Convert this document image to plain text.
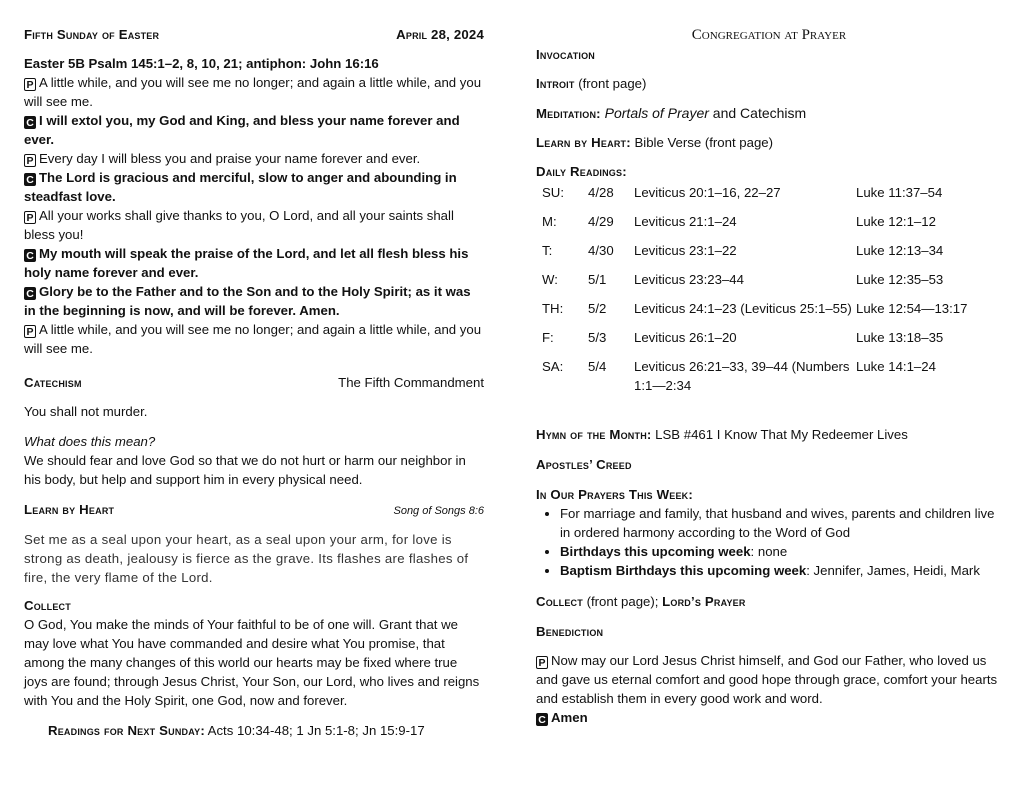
Fifth Sunday of Easter	April 28, 2024
Easter 5B Psalm 145:1–2, 8, 10, 21; antiphon: John 16:16
P A little while, and you will see me no longer; and again a little while, and you will see me.
C I will extol you, my God and King, and bless your name forever and ever.
P Every day I will bless you and praise your name forever and ever.
C The Lord is gracious and merciful, slow to anger and abounding in steadfast love.
P All your works shall give thanks to you, O Lord, and all your saints shall bless you!
C My mouth will speak the praise of the Lord, and let all flesh bless his holy name forever and ever.
C Glory be to the Father and to the Son and to the Holy Spirit; as it was in the beginning is now, and will be forever. Amen.
P A little while, and you will see me no longer; and again a little while, and you will see me.
Catechism	The Fifth Commandment
You shall not murder.
What does this mean?
We should fear and love God so that we do not hurt or harm our neighbor in his body, but help and support him in every physical need.
Learn by Heart	Song of Songs 8:6
Set me as a seal upon your heart, as a seal upon your arm, for love is strong as death, jealousy is fierce as the grave. Its flashes are flashes of fire, the very flame of the Lord.
Collect
O God, You make the minds of Your faithful to be of one will. Grant that we may love what You have commanded and desire what You promise, that among the many changes of this world our hearts may be fixed where true joys are found; through Jesus Christ, Your Son, our Lord, who lives and reigns with You and the Holy Spirit, one God, now and forever.
Readings for Next Sunday: Acts 10:34-48; 1 Jn 5:1-8; Jn 15:9-17
Congregation at Prayer
Invocation
Introit (front page)
Meditation: Portals of Prayer and Catechism
Learn by Heart: Bible Verse (front page)
Daily Readings:
SU:	4/28	Leviticus 20:1–16, 22–27	Luke 11:37–54
M:	4/29	Leviticus 21:1–24	Luke 12:1–12
T:	4/30	Leviticus 23:1–22	Luke 12:13–34
W:	5/1	Leviticus 23:23–44	Luke 12:35–53
TH:	5/2	Leviticus 24:1–23 (Leviticus 25:1–55)	Luke 12:54—13:17
F:	5/3	Leviticus 26:1–20	Luke 13:18–35
SA:	5/4	Leviticus 26:21–33, 39–44 (Numbers 1:1—2:34	Luke 14:1–24
Hymn of the Month: LSB #461 I Know That My Redeemer Lives
Apostles’ Creed
In Our Prayers This Week:
• For marriage and family, that husband and wives, parents and children live in ordered harmony according to the Word of God
• Birthdays this upcoming week: none
• Baptism Birthdays this upcoming week: Jennifer, James, Heidi, Mark
Collect (front page); Lord’s Prayer
Benediction
P Now may our Lord Jesus Christ himself, and God our Father, who loved us and gave us eternal comfort and good hope through grace, comfort your hearts and establish them in every good work and word.
C Amen
